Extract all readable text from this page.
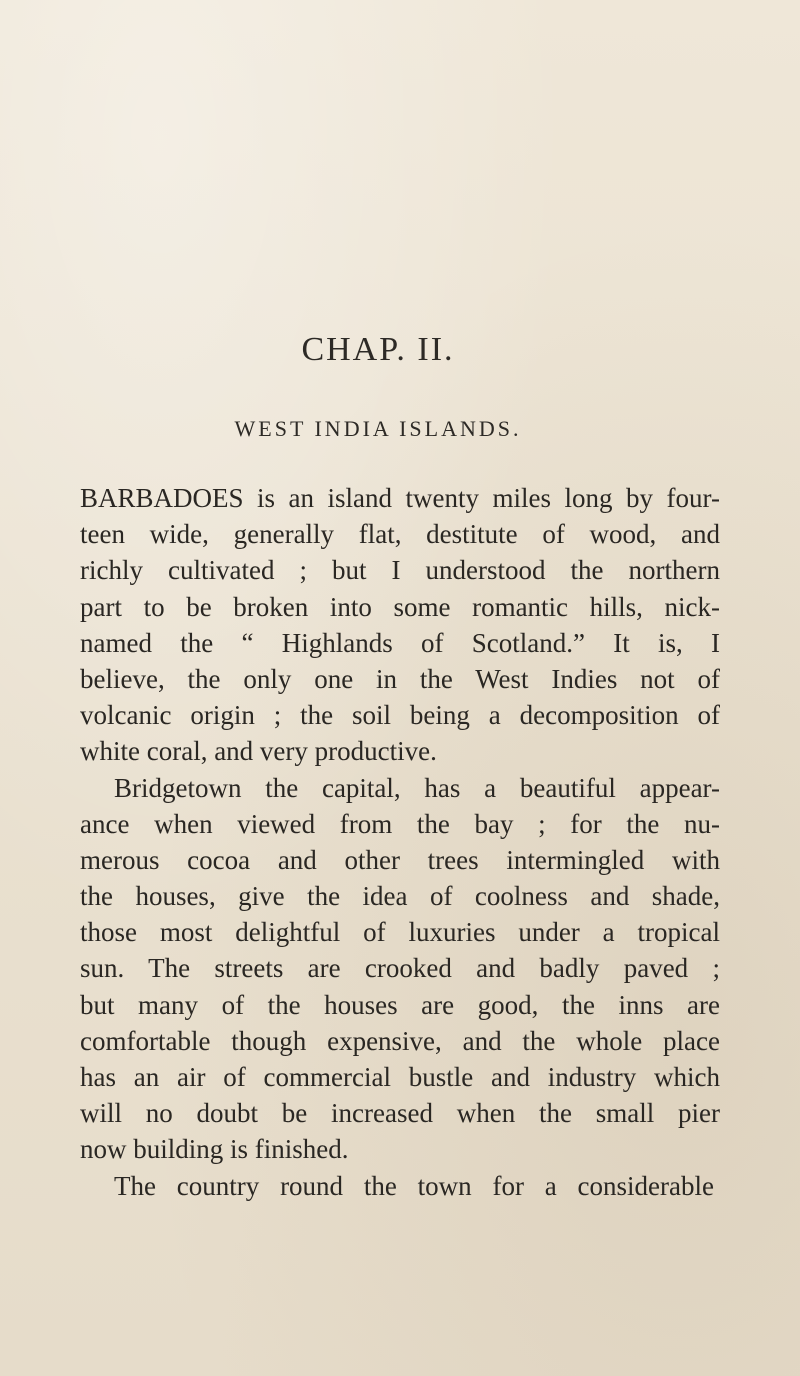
CHAP. II.
WEST INDIA ISLANDS.
BARBADOES is an island twenty miles long by four-
teen wide, generally flat, destitute of wood, and
richly cultivated ; but I understood the northern
part to be broken into some romantic hills, nick-
named the “ Highlands of Scotland.” It is, I
believe, the only one in the West Indies not of
volcanic origin ; the soil being a decomposition of
white coral, and very productive.
Bridgetown the capital, has a beautiful appear-
ance when viewed from the bay ; for the nu-
merous cocoa and other trees intermingled with
the houses, give the idea of coolness and shade,
those most delightful of luxuries under a tropical
sun. The streets are crooked and badly paved ;
but many of the houses are good, the inns are
comfortable though expensive, and the whole place
has an air of commercial bustle and industry which
will no doubt be increased when the small pier
now building is finished.
The country round the town for a considerable
